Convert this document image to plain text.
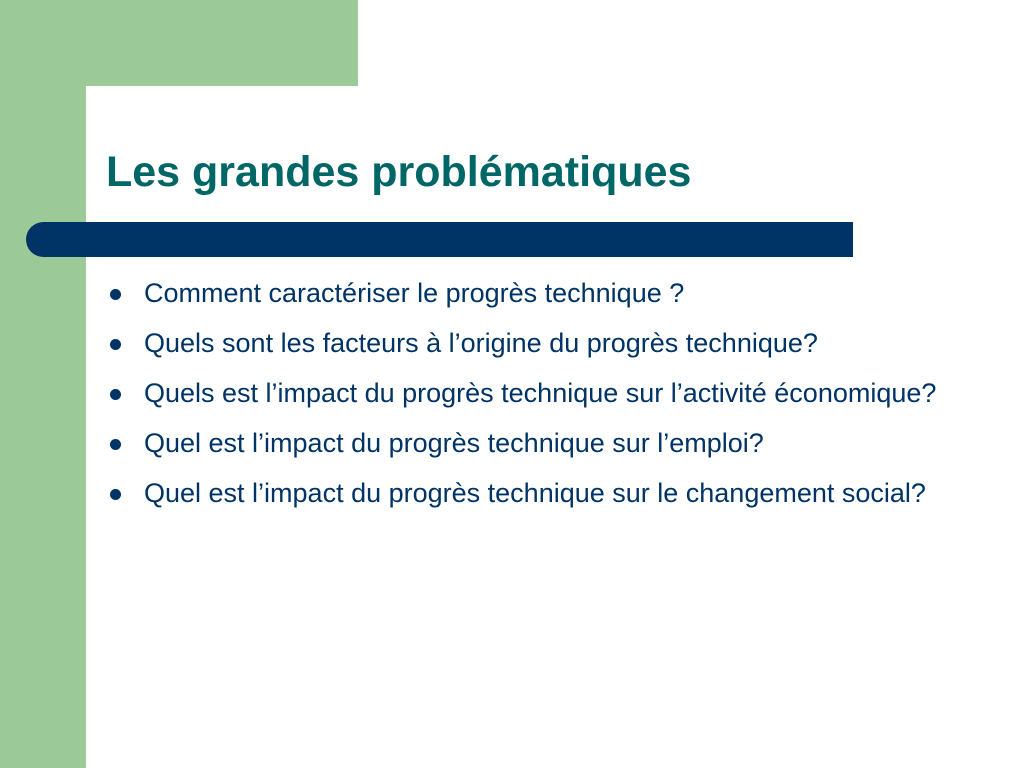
Les grandes problématiques
Comment caractériser le progrès technique ?
Quels sont les facteurs à l’origine du progrès technique?
Quels est l’impact du progrès technique sur l’activité économique?
Quel est l’impact du progrès technique sur l’emploi?
Quel est l’impact du progrès technique sur le changement social?
